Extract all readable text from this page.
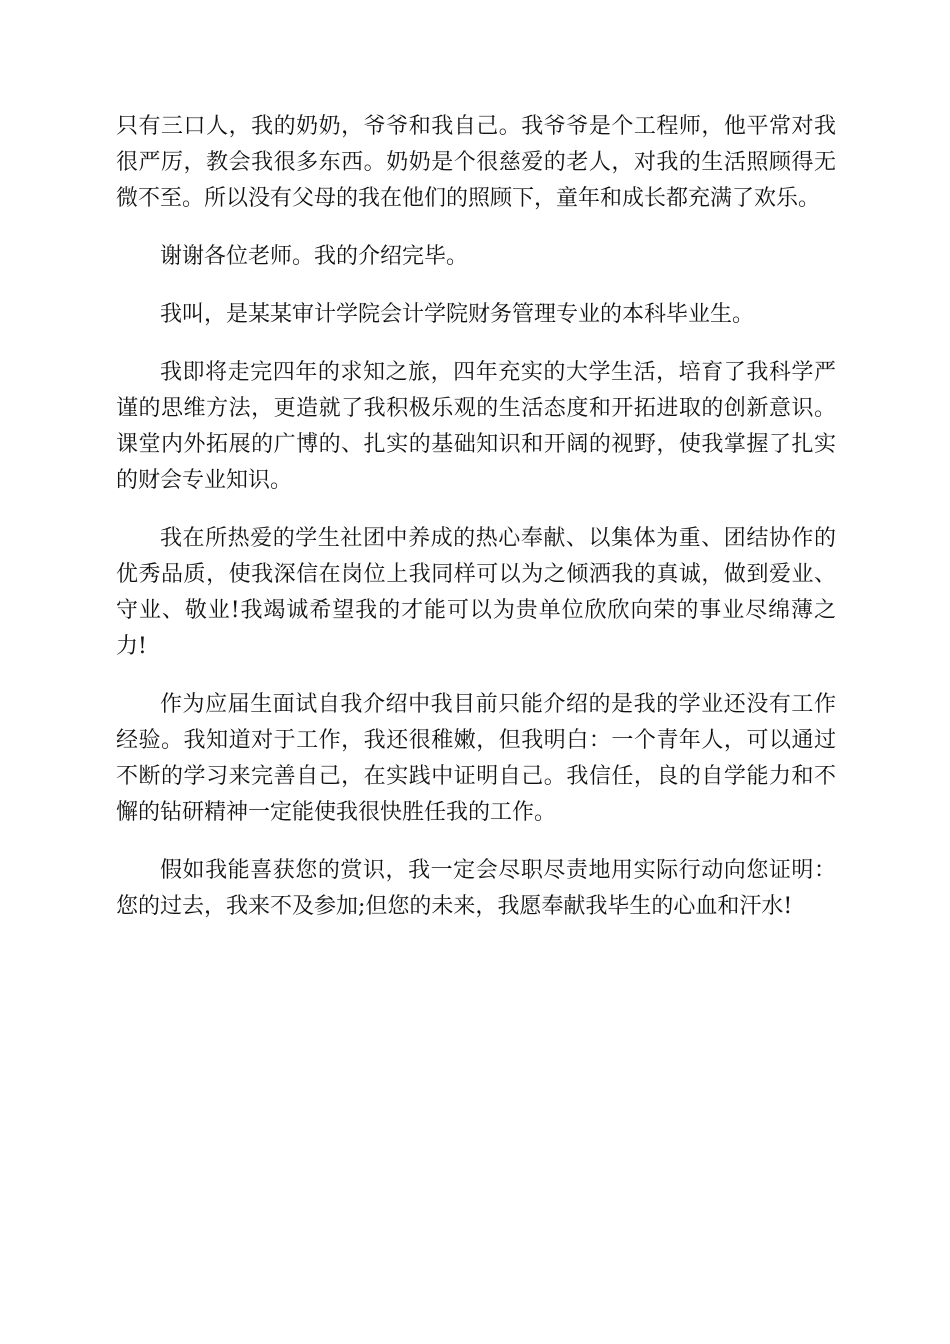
只有三口人，我的奶奶，爷爷和我自己。我爷爷是个工程师，他平常对我很严厉，教会我很多东西。奶奶是个很慈爱的老人，对我的生活照顾得无微不至。所以没有父母的我在他们的照顾下，童年和成长都充满了欢乐。

谢谢各位老师。我的介绍完毕。

我叫，是某某审计学院会计学院财务管理专业的本科毕业生。

我即将走完四年的求知之旅，四年充实的大学生活，培育了我科学严谨的思维方法，更造就了我积极乐观的生活态度和开拓进取的创新意识。课堂内外拓展的广博的、扎实的基础知识和开阔的视野，使我掌握了扎实的财会专业知识。

我在所热爱的学生社团中养成的热心奉献、以集体为重、团结协作的优秀品质，使我深信在岗位上我同样可以为之倾洒我的真诚，做到爱业、守业、敬业!我竭诚希望我的才能可以为贵单位欣欣向荣的事业尽绵薄之力!

作为应届生面试自我介绍中我目前只能介绍的是我的学业还没有工作经验。我知道对于工作，我还很稚嫩，但我明白：一个青年人，可以通过不断的学习来完善自己，在实践中证明自己。我信任，良的自学能力和不懈的钻研精神一定能使我很快胜任我的工作。

假如我能喜获您的赏识，我一定会尽职尽责地用实际行动向您证明：您的过去，我来不及参加;但您的未来，我愿奉献我毕生的心血和汗水!
